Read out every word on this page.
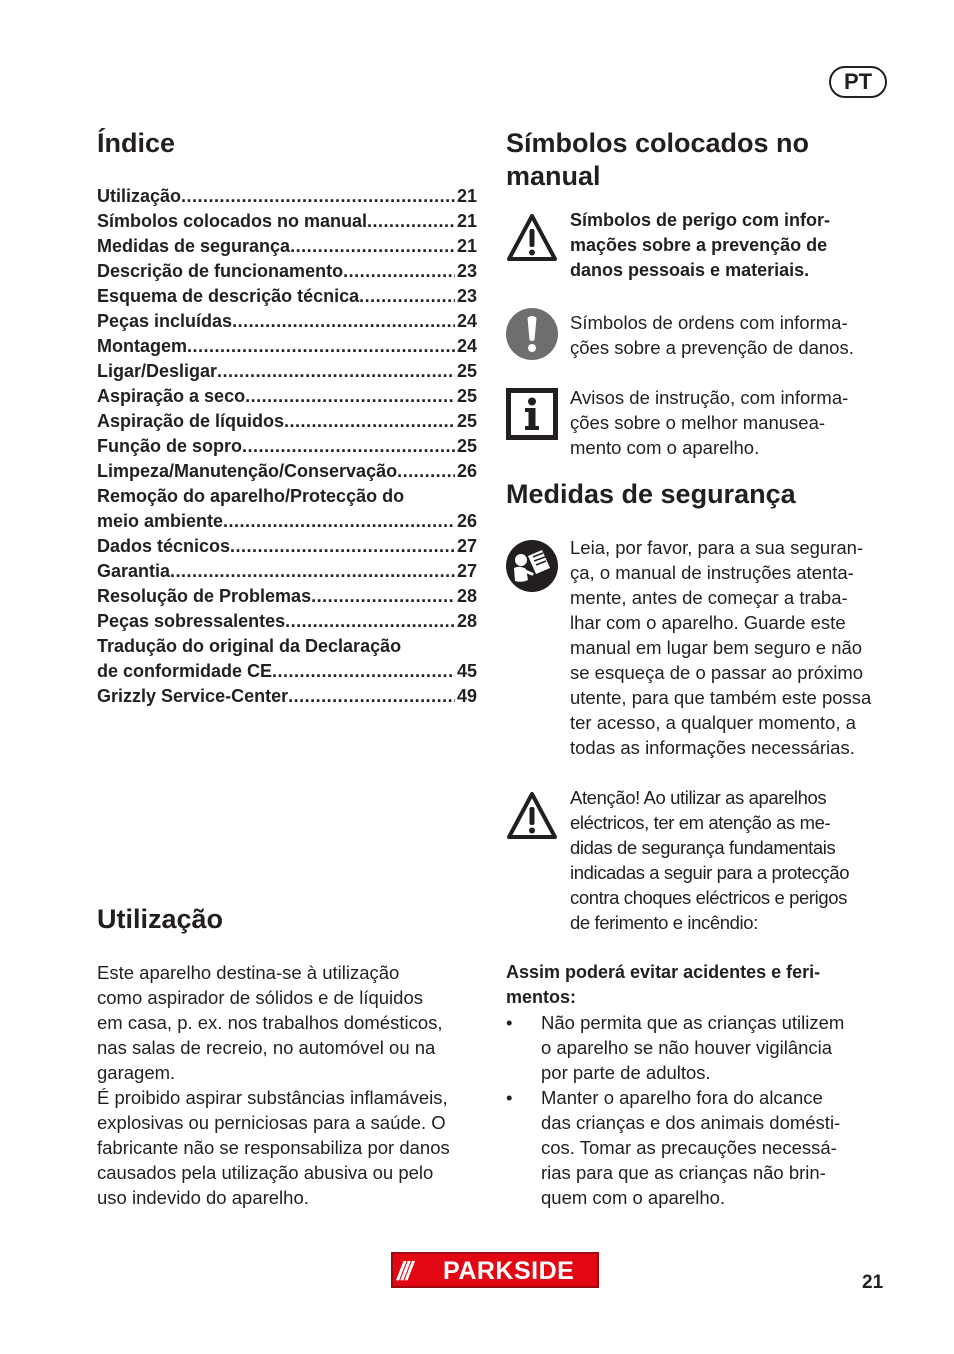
PT
Índice
Utilização .....	21
Símbolos colocados no manual .....	21
Medidas de segurança .....	21
Descrição de funcionamento .....	23
Esquema de descrição técnica .....	23
Peças incluídas .....	24
Montagem .....	24
Ligar/Desligar .....	25
Aspiração a seco .....	25
Aspiração de líquidos .....	25
Função de sopro .....	25
Limpeza/Manutenção/Conservação .....	26
Remoção do aparelho/Protecção do
meio ambiente .....	26
Dados técnicos .....	27
Garantia .....	27
Resolução de Problemas .....	28
Peças sobressalentes .....	28
Tradução do original da Declaração
de conformidade CE .....	45
Grizzly Service-Center .....	49
Utilização

Este aparelho destina-se à utilização

como aspirador de sólidos e de líquidos

em casa, p. ex. nos trabalhos domésticos,

nas salas de recreio, no automóvel ou na

garagem.

É proibido aspirar substâncias inflamáveis,

explosivas ou perniciosas para a saúde. O

fabricante não se responsabiliza por danos

causados pela utilização abusiva ou pelo

uso indevido do aparelho.

Símbolos colocados no
manual

Símbolos de perigo com infor-

mações sobre a prevenção de

danos pessoais e materiais.

Símbolos de ordens com informa-

ções sobre a prevenção de danos.

Avisos de instrução, com informa-

ções sobre o melhor manusea-

mento com o aparelho.

Medidas de segurança

Leia, por favor, para a sua seguran-

ça, o manual de instruções atenta-

mente, antes de começar a traba-

lhar com o aparelho. Guarde este

manual em lugar bem seguro e não

se esqueça de o passar ao próximo

utente, para que também este possa

ter acesso, a qualquer momento, a

todas as informações necessárias.

Atenção! Ao utilizar as aparelhos

eléctricos, ter em atenção as me-

didas de segurança fundamentais

indicadas a seguir para a protecção

contra choques eléctricos e perigos

de ferimento e incêndio:

Assim poderá evitar acidentes e feri-

mentos:

• Não permita que as crianças utilizem
o aparelho se não houver vigilância
por parte de adultos.
• Manter o aparelho fora do alcance
das crianças e dos animais domésti-
cos. Tomar as precauções necessá-
rias para que as crianças não brin-
quem com o aparelho.
/// PARKSIDE	21
